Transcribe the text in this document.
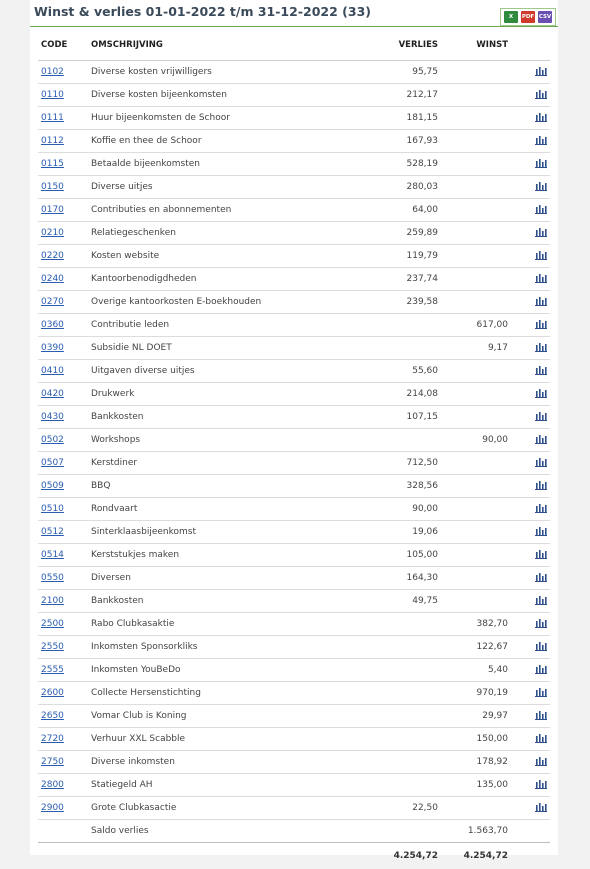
Winst & verlies 01-01-2022 t/m 31-12-2022 (33)	X	PDF CSV
CODE	OMSCHRIJVING	VERLIES	WINST	
0102	Diverse kosten vrijwilligers	95,75		
0110	Diverse kosten bijeenkomsten	212,17		
0111	Huur bijeenkomsten de Schoor	181,15		
0112	Koffie en thee de Schoor	167,93		
0115	Betaalde bijeenkomsten	528,19		
0150	Diverse uitjes	280,03		
0170	Contributies en abonnementen	64,00		
0210	Relatiegeschenken	259,89		
0220	Kosten website	119,79		
0240	Kantoorbenodigdheden	237,74		
0270	Overige kantoorkosten E-boekhouden	239,58		
0360	Contributie leden		617,00	
0390	Subsidie NL DOET		9,17	
0410	Uitgaven diverse uitjes	55,60		
0420	Drukwerk	214,08		
0430	Bankkosten	107,15		
0502	Workshops		90,00	
0507	Kerstdiner	712,50		
0509	BBQ	328,56		
0510	Rondvaart	90,00		
0512	Sinterklaasbijeenkomst	19,06		
0514	Kerststukjes maken	105,00		
0550	Diversen	164,30		
2100	Bankkosten	49,75		
2500	Rabo Clubkasaktie		382,70	
2550	Inkomsten Sponsorkliks		122,67	
2555	Inkomsten YouBeDo		5,40	
2600	Collecte Hersenstichting		970,19	
2650	Vomar Club is Koning		29,97	
2720	Verhuur XXL Scabble		150,00	
2750	Diverse inkomsten		178,92	
2800	Statiegeld AH		135,00	
2900	Grote Clubkasactie	22,50		
	Saldo verlies		1.563,70	
		4.254,72	4.254,72	
